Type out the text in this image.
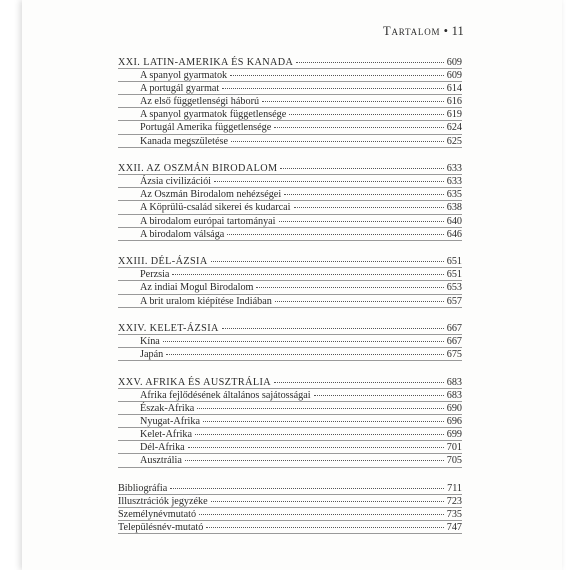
Tartalom • 11
XXI. LATIN-AMERIKA ÉS KANADA	609
A spanyol gyarmatok	609
A portugál gyarmat	614
Az első függetlenségi háború	616
A spanyol gyarmatok függetlensége	619
Portugál Amerika függetlensége	624
Kanada megszületése	625
XXII. AZ OSZMÁN BIRODALOM	633
Ázsia civilizációi	633
Az Oszmán Birodalom nehézségei	635
A Köprülü-család sikerei és kudarcai	638
A birodalom európai tartományai	640
A birodalom válsága	646
XXIII. DÉL-ÁZSIA	651
Perzsia	651
Az indiai Mogul Birodalom	653
A brit uralom kiépítése Indiában	657
XXIV. KELET-ÁZSIA	667
Kína	667
Japán	675
XXV. AFRIKA ÉS AUSZTRÁLIA	683
Afrika fejlődésének általános sajátosságai	683
Észak-Afrika	690
Nyugat-Afrika	696
Kelet-Afrika	699
Dél-Afrika	701
Ausztrália	705
Bibliográfia	711
Illusztrációk jegyzéke	723
Személynévmutató	735
Településnév-mutató	747
